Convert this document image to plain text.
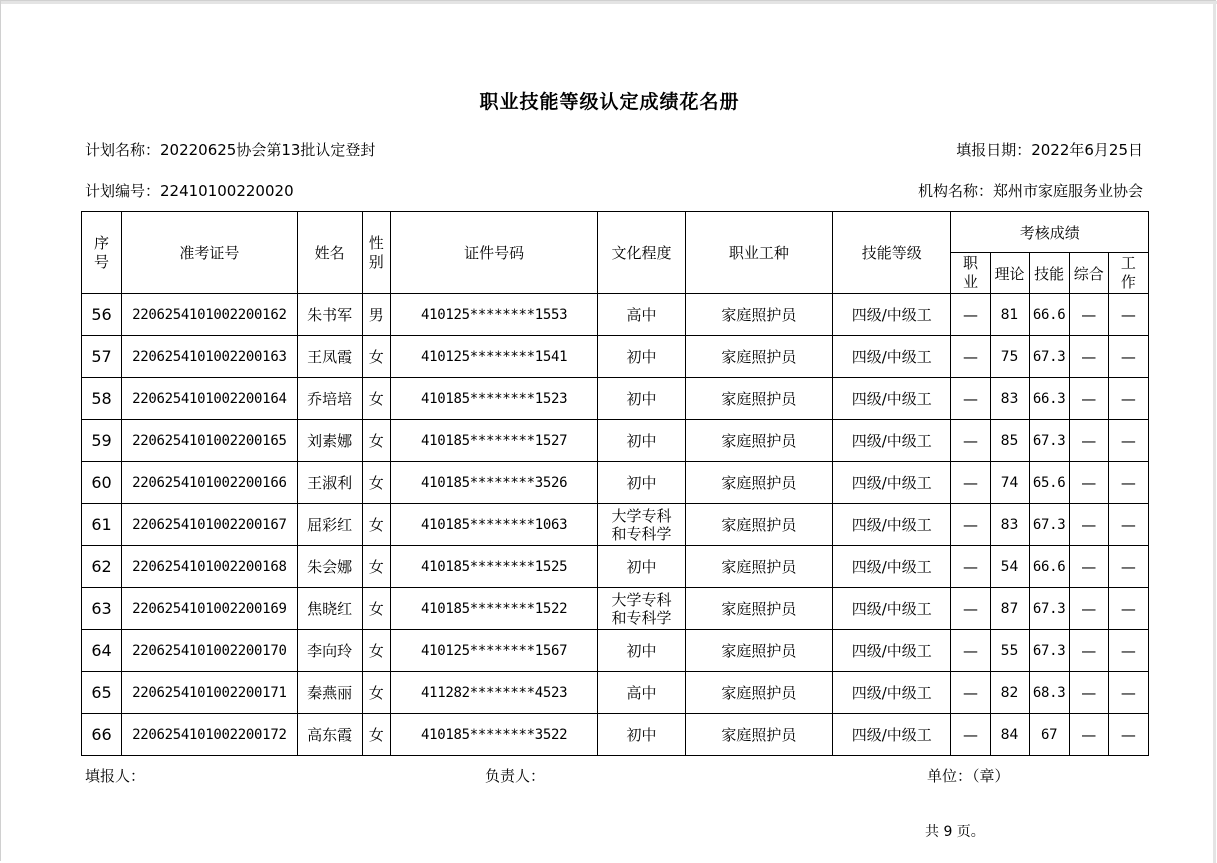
职业技能等级认定成绩花名册
计划名称：20220625协会第13批认定登封	填报日期：2022年6月25日
计划编号：22410100220020	机构名称：郑州市家庭服务业协会
序
号	准考证号	姓名	性
别	证件号码	文化程度	职业工种	技能等级	考核成绩				
								职
业	理论	技能	综合	工
作
56	2206254101002200162	朱书军	男	410125********1553	高中	家庭照护员	四级/中级工	—	81	66.6	—	—
57	2206254101002200163	王凤霞	女	410125********1541	初中	家庭照护员	四级/中级工	—	75	67.3	—	—
58	2206254101002200164	乔培培	女	410185********1523	初中	家庭照护员	四级/中级工	—	83	66.3	—	—
59	2206254101002200165	刘素娜	女	410185********1527	初中	家庭照护员	四级/中级工	—	85	67.3	—	—
60	2206254101002200166	王淑利	女	410185********3526	初中	家庭照护员	四级/中级工	—	74	65.6	—	—
61	2206254101002200167	屈彩红	女	410185********1063	大学专科
和专科学	家庭照护员	四级/中级工	—	83	67.3	—	—
62	2206254101002200168	朱会娜	女	410185********1525	初中	家庭照护员	四级/中级工	—	54	66.6	—	—
63	2206254101002200169	焦晓红	女	410185********1522	大学专科
和专科学	家庭照护员	四级/中级工	—	87	67.3	—	—
64	2206254101002200170	李向玲	女	410125********1567	初中	家庭照护员	四级/中级工	—	55	67.3	—	—
65	2206254101002200171	秦燕丽	女	411282********4523	高中	家庭照护员	四级/中级工	—	82	68.3	—	—
66	2206254101002200172	高东霞	女	410185********3522	初中	家庭照护员	四级/中级工	—	84	67	—	—
填报人：	负责人：	单位：（章）
共 9 页。
